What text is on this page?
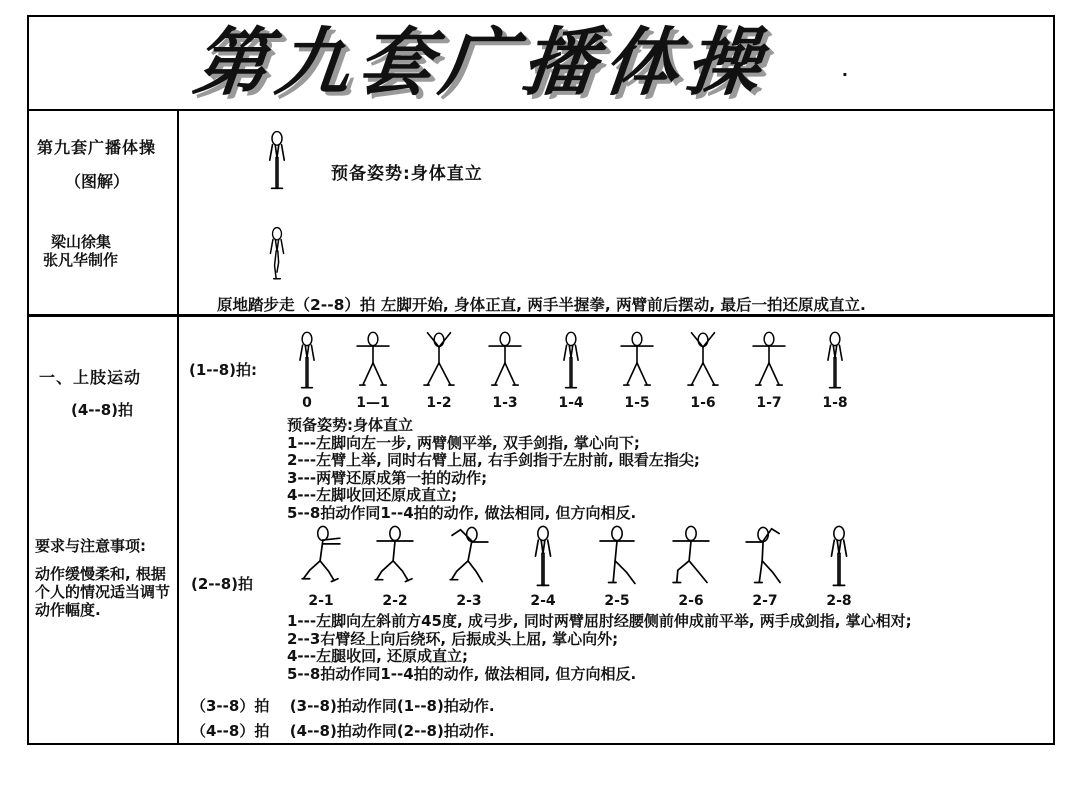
第九套广播体操	.
第九套广播体操
（图解）
梁山徐集
张凡华制作
预备姿势:身体直立
原地踏步走（2--8）拍 左脚开始, 身体正直, 两手半握拳, 两臂前后摆动, 最后一拍还原成直立.
一、上肢运动
(4--8)拍
要求与注意事项:
动作缓慢柔和, 根据个人的情况适当调节动作幅度.
(1--8)拍:
0	1—1	1-2	1-3	1-4	1-5	1-6	1-7	1-8
预备姿势:身体直立
1---左脚向左一步, 两臂侧平举, 双手剑指, 掌心向下;
2---左臂上举, 同时右臂上屈, 右手剑指于左肘前, 眼看左指尖;
3---两臂还原成第一拍的动作;
4---左脚收回还原成直立;
5--8拍动作同1--4拍的动作, 做法相同, 但方向相反.
(2--8)拍
2-1	2-2	2-3	2-4	2-5	2-6	2-7	2-8
1---左脚向左斜前方45度, 成弓步, 同时两臂屈肘经腰侧前伸成前平举, 两手成剑指, 掌心相对;
2--3右臂经上向后绕环, 后振成头上屈, 掌心向外;
4---左腿收回, 还原成直立;
5--8拍动作同1--4拍的动作, 做法相同, 但方向相反.
（3--8）拍 (3--8)拍动作同(1--8)拍动作.
（4--8）拍 (4--8)拍动作同(2--8)拍动作.
